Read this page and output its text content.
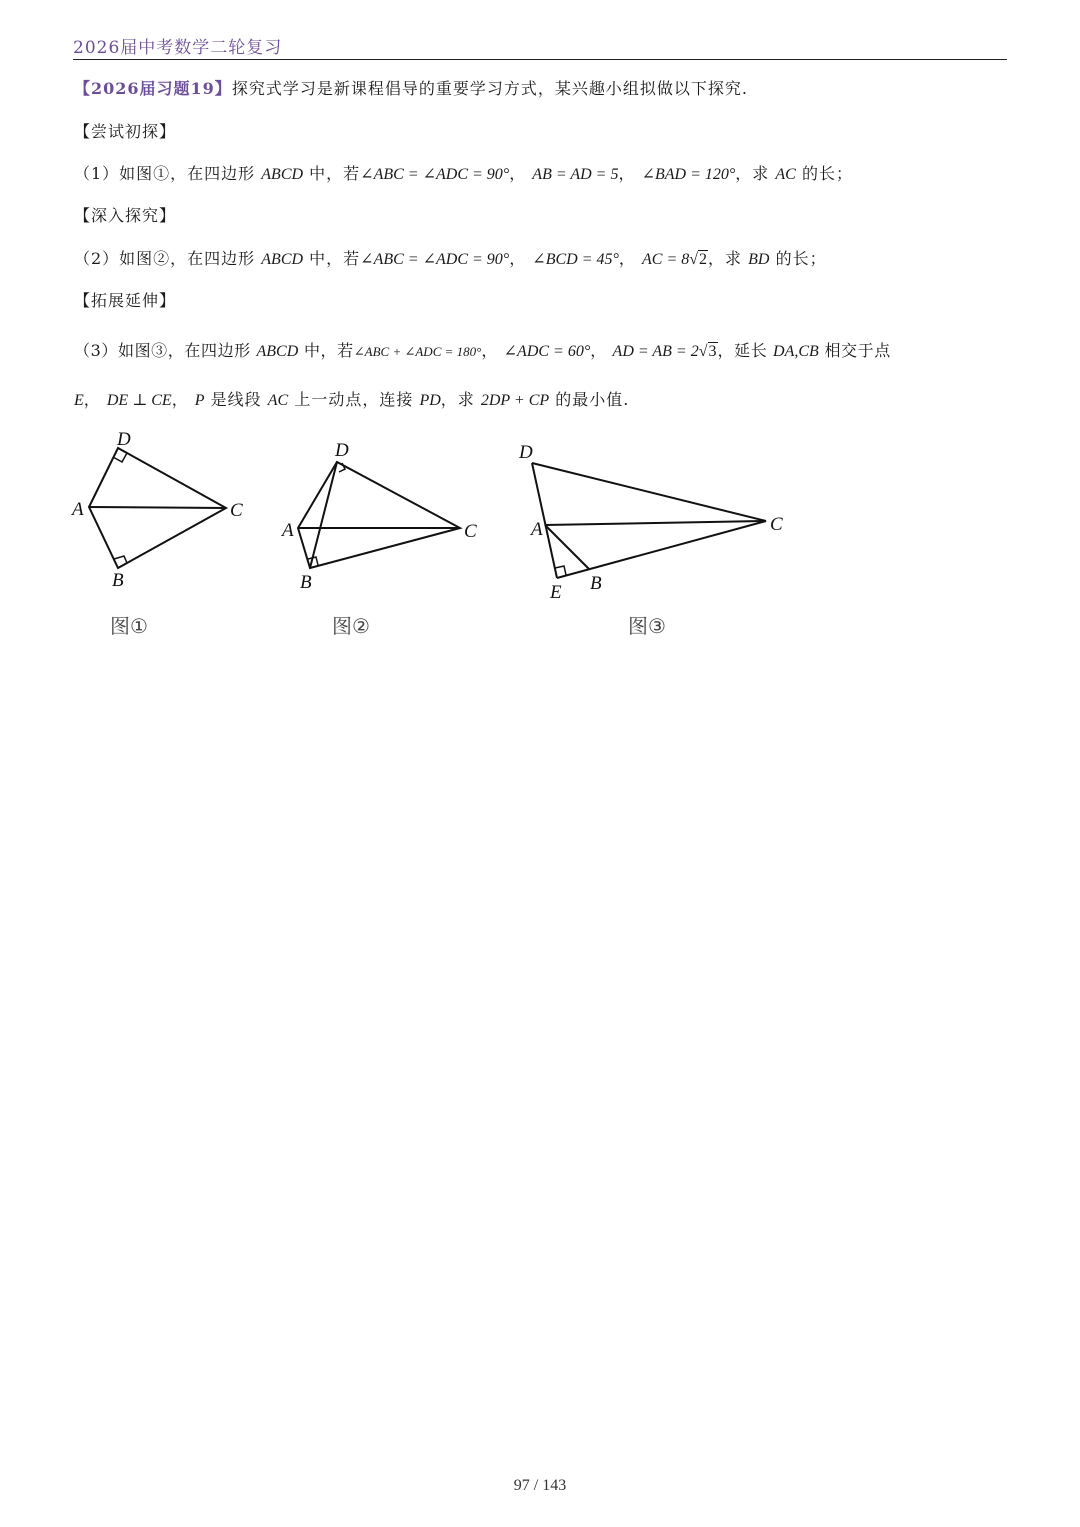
2026届中考数学二轮复习
【2026届习题19】探究式学习是新课程倡导的重要学习方式，某兴趣小组拟做以下探究.
【尝试初探】
（1）如图①，在四边形 ABCD 中，若∠ABC = ∠ADC = 90°， AB = AD = 5， ∠BAD = 120°，求 AC 的长；
【深入探究】
（2）如图②，在四边形 ABCD 中，若∠ABC = ∠ADC = 90°， ∠BCD = 45°， AC = 8√2，求 BD 的长；
【拓展延伸】
（3）如图③，在四边形 ABCD 中，若∠ABC + ∠ADC = 180°， ∠ADC = 60°， AD = AB = 2√3，延长 DA,CB 相交于点
E， DE ⊥ CE， P 是线段 AC 上一动点，连接 PD，求 2DP + CP 的最小值.
D
A	C
B
D
A	C
B
D
A	C
B
E
图①	图②	图③
97 / 143
